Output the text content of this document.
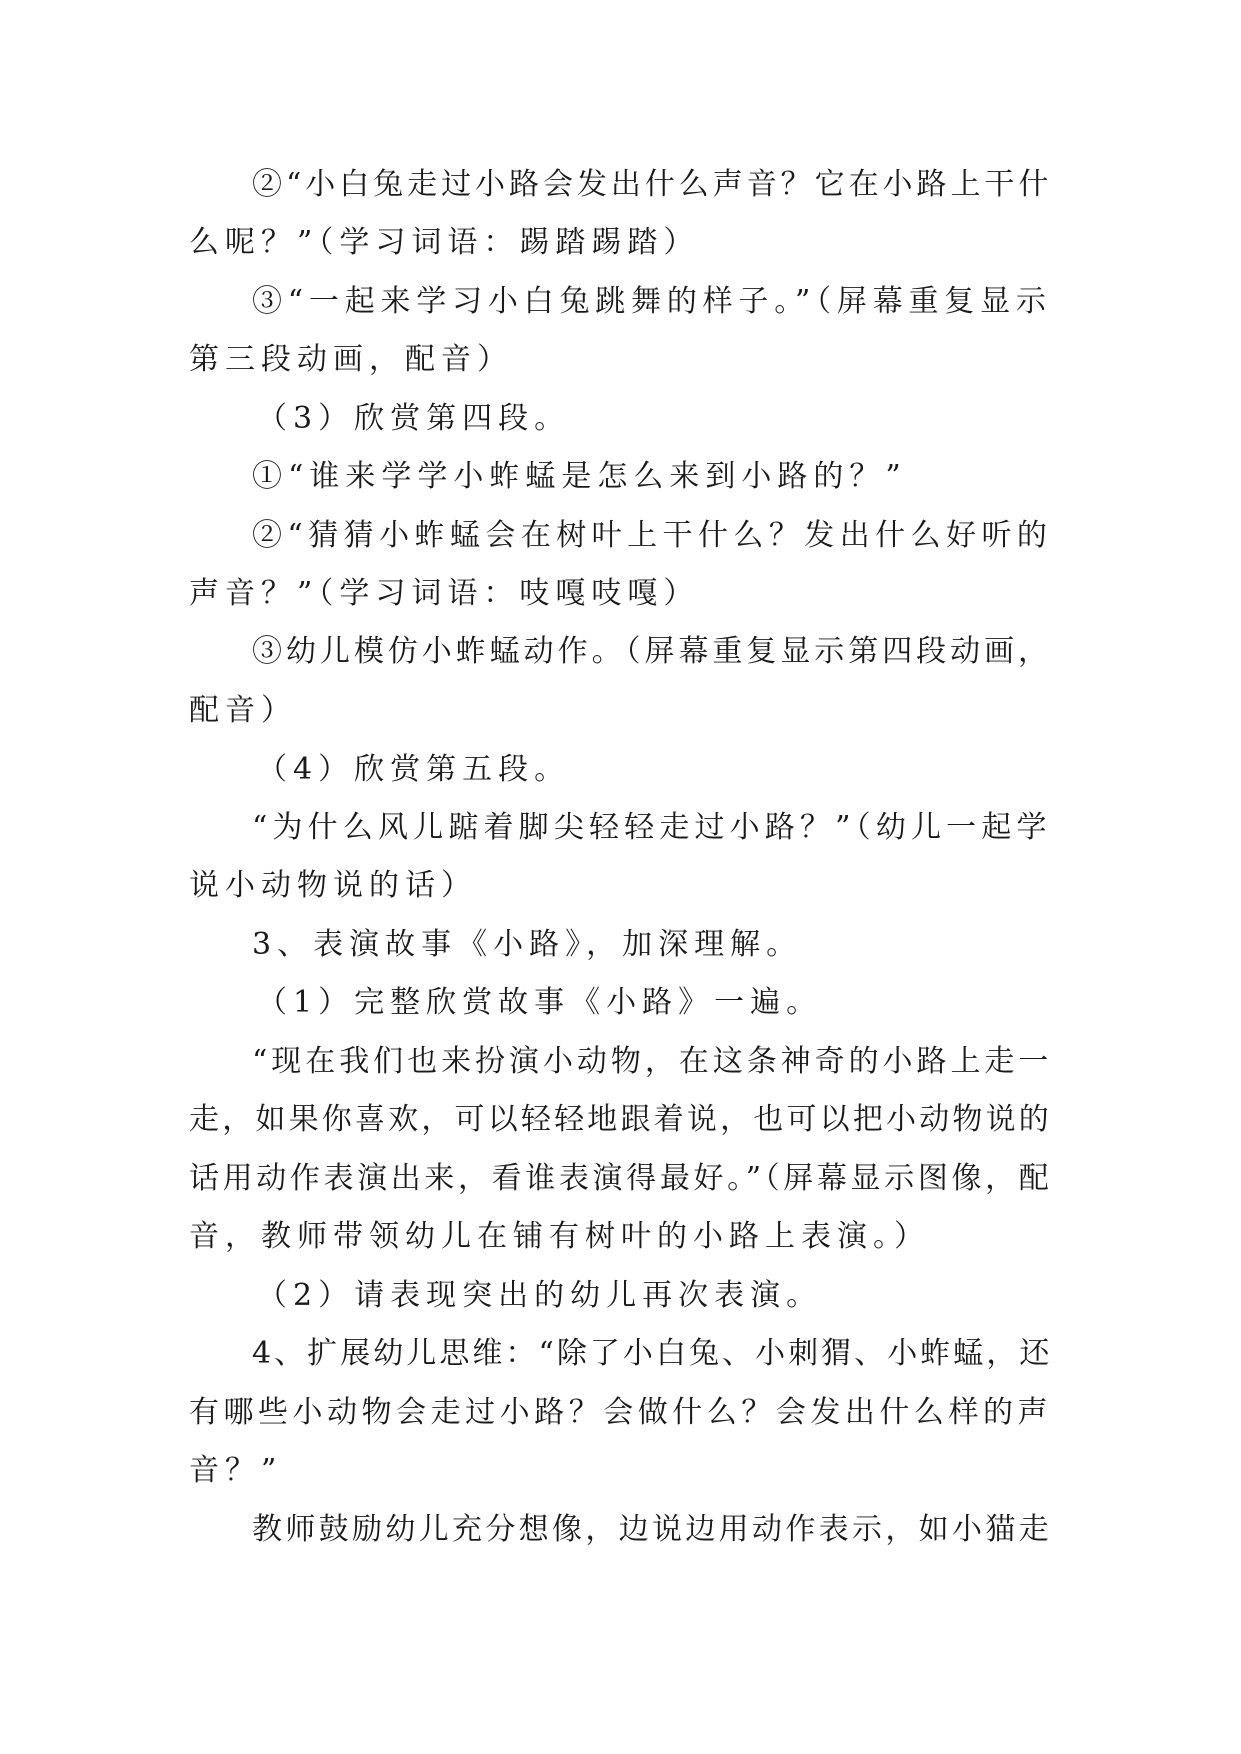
②“小白兔走过小路会发出什么声音？它在小路上干什
么呢？”（学习词语：踢踏踢踏）
③“一起来学习小白兔跳舞的样子。”（屏幕重复显示
第三段动画，配音）
（3）欣赏第四段。
①“谁来学学小蚱蜢是怎么来到小路的？”
②“猜猜小蚱蜢会在树叶上干什么？发出什么好听的
声音？”（学习词语：吱嘎吱嘎）
③幼儿模仿小蚱蜢动作。（屏幕重复显示第四段动画，
配音）
（4）欣赏第五段。
“为什么风儿踮着脚尖轻轻走过小路？”（幼儿一起学
说小动物说的话）
3、表演故事《小路》，加深理解。
（1）完整欣赏故事《小路》一遍。
“现在我们也来扮演小动物，在这条神奇的小路上走一
走，如果你喜欢，可以轻轻地跟着说，也可以把小动物说的
话用动作表演出来，看谁表演得最好。”（屏幕显示图像，配
音，教师带领幼儿在铺有树叶的小路上表演。）
（2）请表现突出的幼儿再次表演。
4、扩展幼儿思维：“除了小白兔、小刺猬、小蚱蜢，还
有哪些小动物会走过小路？会做什么？会发出什么样的声
音？”
教师鼓励幼儿充分想像，边说边用动作表示，如小猫走
